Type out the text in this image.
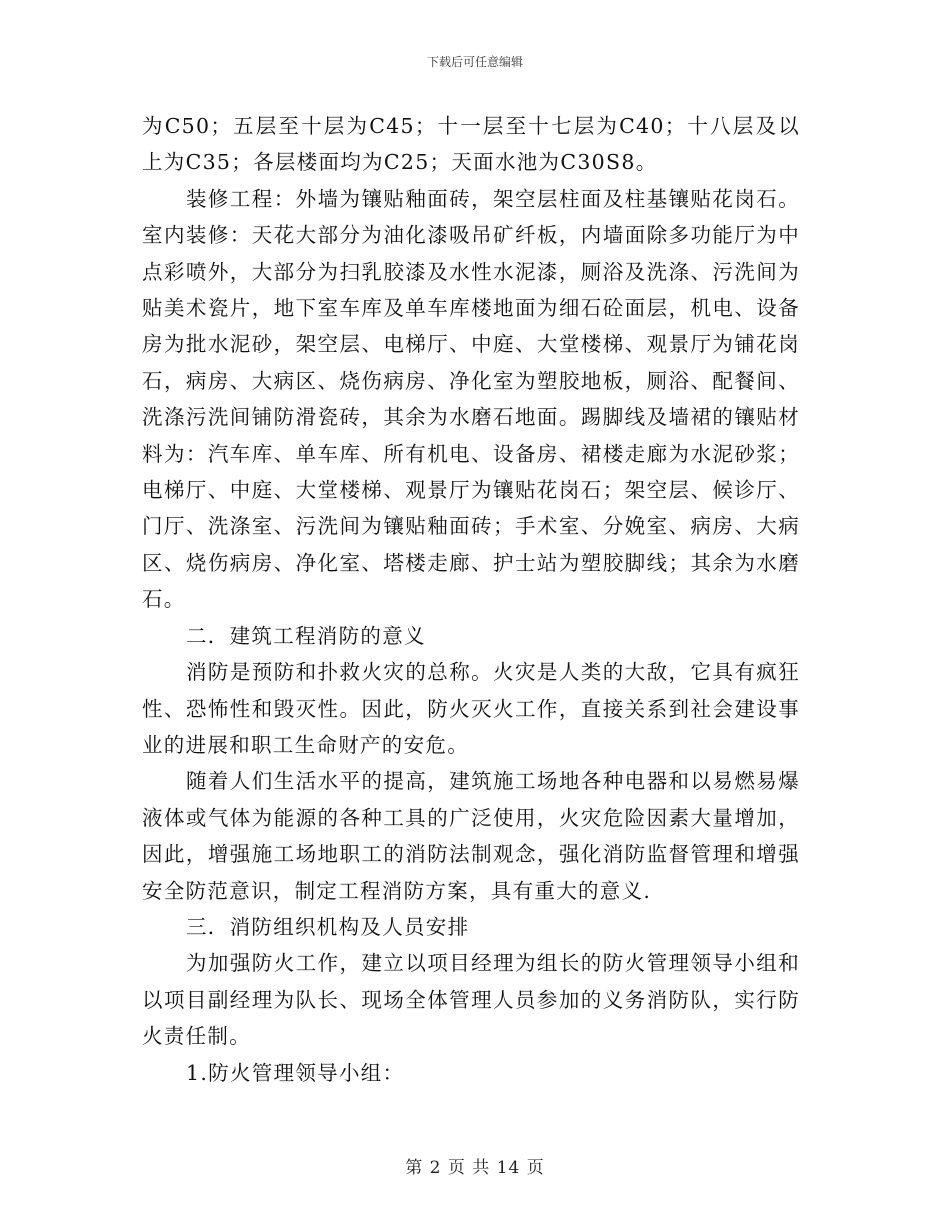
下载后可任意编辑

为C50；五层至十层为C45；十一层至十七层为C40；十八层及以上为C35；各层楼面均为C25；天面水池为C30S8。

装修工程：外墙为镶贴釉面砖，架空层柱面及柱基镶贴花岗石。室内装修：天花大部分为油化漆吸吊矿纤板，内墙面除多功能厅为中点彩喷外，大部分为扫乳胶漆及水性水泥漆，厕浴及洗涤、污洗间为贴美术瓷片，地下室车库及单车库楼地面为细石砼面层，机电、设备房为批水泥砂，架空层、电梯厅、中庭、大堂楼梯、观景厅为铺花岗石，病房、大病区、烧伤病房、净化室为塑胶地板，厕浴、配餐间、洗涤污洗间铺防滑瓷砖，其余为水磨石地面。踢脚线及墙裙的镶贴材料为：汽车库、单车库、所有机电、设备房、裙楼走廊为水泥砂浆；电梯厅、中庭、大堂楼梯、观景厅为镶贴花岗石；架空层、候诊厅、门厅、洗涤室、污洗间为镶贴釉面砖；手术室、分娩室、病房、大病区、烧伤病房、净化室、塔楼走廊、护士站为塑胶脚线；其余为水磨石。

二．建筑工程消防的意义

消防是预防和扑救火灾的总称。火灾是人类的大敌，它具有疯狂性、恐怖性和毁灭性。因此，防火灭火工作，直接关系到社会建设事业的进展和职工生命财产的安危。

随着人们生活水平的提高，建筑施工场地各种电器和以易燃易爆液体或气体为能源的各种工具的广泛使用，火灾危险因素大量增加，因此，增强施工场地职工的消防法制观念，强化消防监督管理和增强安全防范意识，制定工程消防方案，具有重大的意义.

三．消防组织机构及人员安排

为加强防火工作，建立以项目经理为组长的防火管理领导小组和以项目副经理为队长、现场全体管理人员参加的义务消防队，实行防火责任制。

1.防火管理领导小组：

第 2 页 共 14 页
